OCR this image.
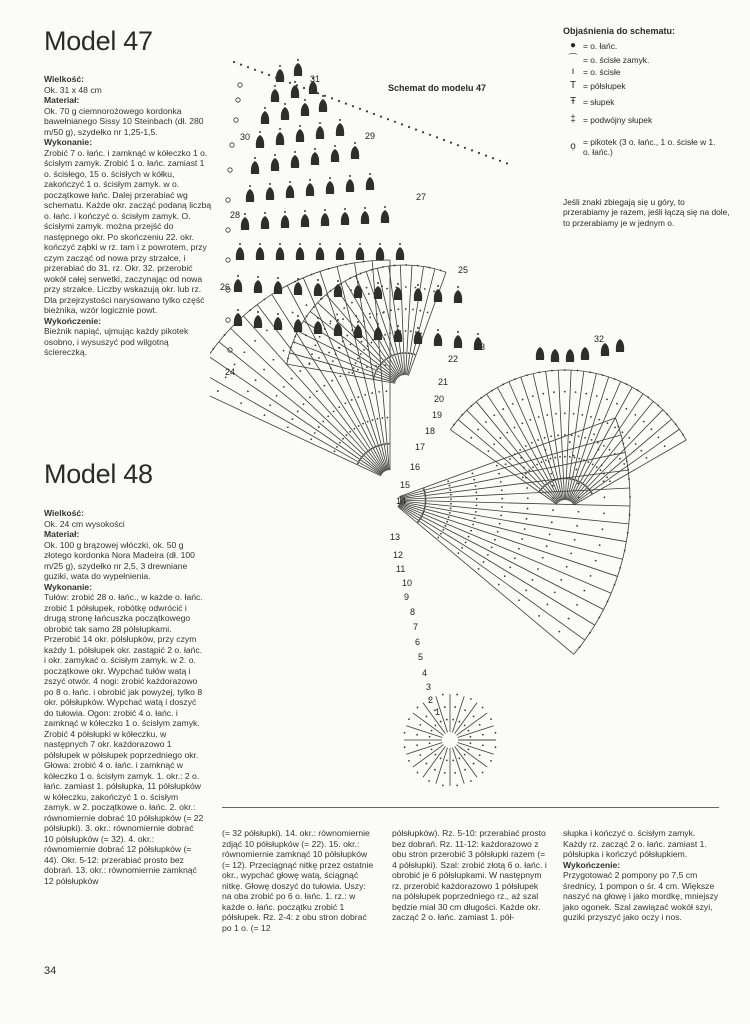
Model 47

Wielkość:

Ok. 31 x 48 cm

Materiał:

Ok. 70 g ciemnorożowego kordonka bawełnianego Sissy 10 Steinbach (dł. 280 m/50 g), szydełko nr 1,25-1,5.

Wykonanie:

Zrobić 7 o. łańc. i zamknąć w kółeczko 1 o. ścisłym zamyk. Zrobić 1 o. łańc. zamiast 1 o. ścisłego, 15 o. ścisłych w kółku, zakończyć 1 o. ścisłym zamyk. w o. początkowe łańc. Dalej przerabiać wg schematu. Każde okr. zacząć podaną liczbą o. łańc. i kończyć o. ścisłym zamyk. O. ścisłymi zamyk. można przejść do następnego okr. Po skończeniu 22. okr. kończyć ząbki w rz. tam i z powrotem, przy czym zacząć od nowa przy strzałce, i przerabiać do 31. rz. Okr. 32. przerobić wokół całej serwetki, zaczynając od nowa przy strzałce. Liczby wskazują okr. lub rz. Dla przejrzystości narysowano tylko część bieżnika, wzór logicznie powt.

Wykończenie:

Bieżnik napiąć, ujmując każdy pikotek osobno, i wysuszyć pod wilgotną ściereczką.

Model 48

Wielkość:

Ok. 24 cm wysokości

Materiał:

Ok. 100 g brązowej włóczki, ok. 50 g złotego kordonka Nora Madeira (dł. 100 m/25 g), szydełko nr 2,5, 3 drewniane guziki, wata do wypełnienia.

Wykonanie:

Tułów: zrobić 28 o. łańc., w każde o. łańc. zrobić 1 półsłupek, robótkę odwrócić i drugą stronę łańcuszka początkowego obrobić tak samo 28 półsłupkami. Przerobić 14 okr. półsłupków, przy czym każdy 1. półsłupek okr. zastąpić 2 o. łańc. i okr. zamykać o. ścisłym zamyk. w 2. o. początkowe okr. Wypchać tułów watą i zszyć otwór. 4 nogi: zrobić każdorazowo po 8 o. łańc. i obrobić jak powyżej, tylko 8 okr. półsłupków. Wypchać watą i doszyć do tułowia. Ogon: zrobić 4 o. łańc. i zamknąć w kółeczko 1 o. ścisłym zamyk. Zrobić 4 półsłupki w kółeczku, w następnych 7 okr. każdorazowo 1 półsłupek w półsłupek poprzedniego okr. Głowa: zrobić 4 o. łańc. i zamknąć w kółeczko 1 o. ścisłym zamyk. 1. okr.: 2 o. łańc. zamiast 1. półsłupka, 11 półsłupków w kółeczku, zakończyć 1 o. ścisłym zamyk. w 2. początkowe o. łańc. 2. okr.: równomiernie dobrać 10 półsłupków (= 22 półsłupki). 3. okr.: równomiernie dobrać 10 półsłupków (= 32). 4. okr.: równomiernie dobrać 12 półsłupków (= 44). Okr. 5-12: przerabiać prosto bez dobrań. 13. okr.: równomiernie zamknąć 12 półsłupków

(= 32 półsłupki). 14. okr.: równomiernie zdjąć 10 półsłupków (= 22). 15. okr.: równomiernie zamknąć 10 półsłupków (= 12). Przeciągnąć nitkę przez ostatnie okr., wypchać głowę watą, ściągnąć nitkę. Głowę doszyć do tułowia. Uszy: na oba zrobić po 6 o. łańc. 1. rz.: w każde o. łańc. początku zrobić 1 półsłupek. Rz. 2-4: z obu stron dobrać po 1 o. (= 12
półsłupków). Rz. 5-10: przerabiać prosto bez dobrań. Rz. 11-12: każdorazowo z obu stron przerobić 3 półsłupki razem (= 4 półsłupki). Szal: zrobić złotą 6 o. łańc. i obrobić je 6 półsłupkami. W następnym rz. przerobić każdorazowo 1 półsłupek na półsłupek poprzedniego rz., aż szal będzie miał 30 cm długości. Każde okr. zacząć 2 o. łańc. zamiast 1. pół-

słupka i kończyć o. ścisłym zamyk. Każdy rz. zacząć 2 o. łańc. zamiast 1. półsłupka i kończyć półsłupkiem.

Wykończenie:

Przygotować 2 pompony po 7,5 cm średnicy, 1 pompon o śr. 4 cm. Większe naszyć na głowę i jako mordkę, mniejszy jako ogonek. Szal zawiązać wokół szyi, guziki przyszyć jako oczy i nos.

34
Objaśnienia do schematu:
● = o. łańc.
⌒ = o. ścisłe zamyk.
ı	= o. ścisłe
T = półsłupek
Ŧ = słupek
‡ = podwójny słupek
ọ = pikotek (3 o. łańc., 1 o. ścisłe w 1. o. łańc.)
Jeśli znaki zbiegają się u góry, to przerabiamy je razem, jeśli łączą się na dole, to przerabiamy je w jednym o.
Schemat do modelu 47
31
30	29
28
27
26
25
24
23
22
32
21
20
19
18
17
16
15
14
13
12
11
10
9
8
7
6
5
4
3
2
1
